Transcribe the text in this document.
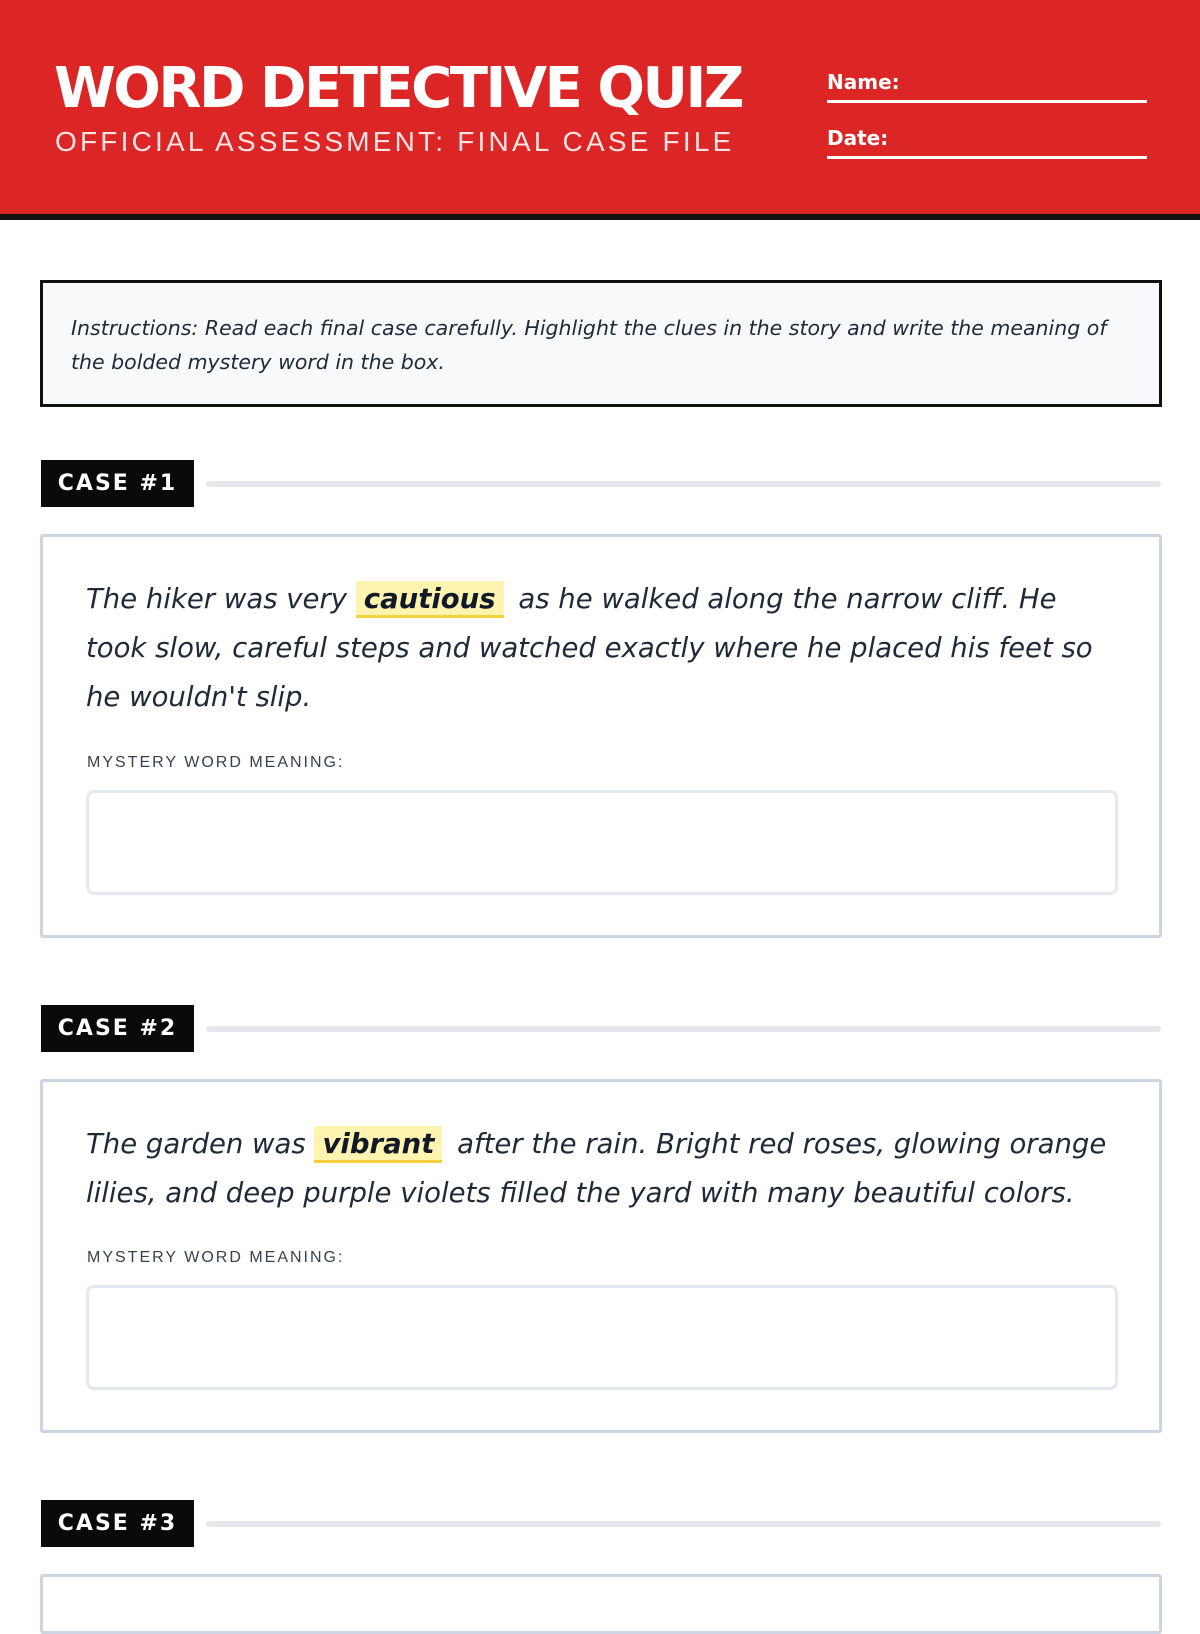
WORD DETECTIVE QUIZ
OFFICIAL ASSESSMENT: FINAL CASE FILE
Name:
Date:

Instructions: Read each final case carefully. Highlight the clues in the story and write the meaning of the bolded mystery word in the box.

CASE #1

The hiker was very cautious as he walked along the narrow cliff. He took slow, careful steps and watched exactly where he placed his feet so he wouldn't slip.

MYSTERY WORD MEANING:
CASE #2

The garden was vibrant after the rain. Bright red roses, glowing orange lilies, and deep purple violets filled the yard with many beautiful colors.

MYSTERY WORD MEANING:
CASE #3
